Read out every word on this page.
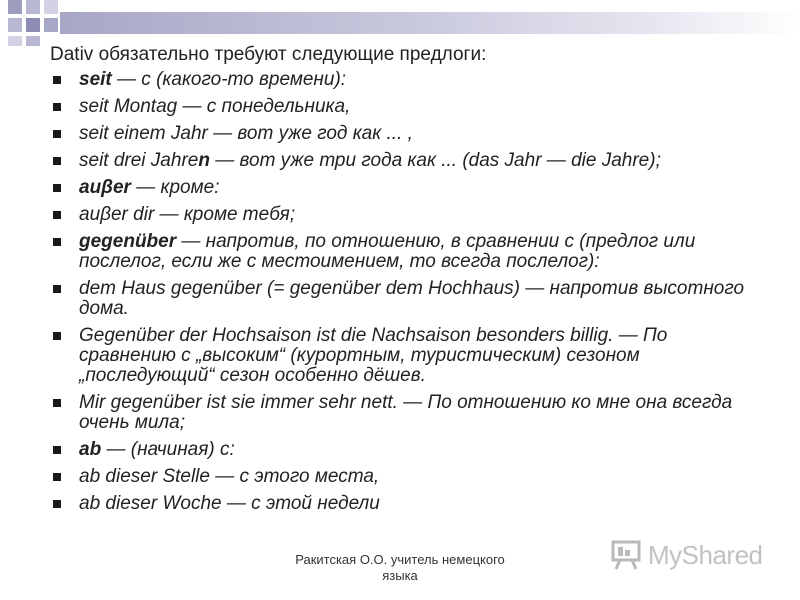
Dativ обязательно требуют следующие предлоги:
seit — с (какого-то времени):
seit Montag — с понедельника,
seit einem Jahr — вот уже год как ... ,
seit drei Jahren — вот уже три года как ... (das Jahr — die Jahre);
auβer — кроме:
auβer dir — кроме тебя;
gegenüber — напротив, по отношению, в сравнении с (предлог или послелог, если же с местоимением, то всегда послелог):
dem Haus gegenüber (= gegenüber dem Hochhaus) — напротив высотного дома.
Gegenüber der Hochsaison ist die Nachsaison besonders billig. — По сравнению с „высоким“ (курортным, туристическим) сезоном „последующий“ сезон особенно дёшев.
Mir gegenüber ist sie immer sehr nett. — По отношению ко мне она всегда очень мила;
ab — (начиная) с:
ab dieser Stelle — с этого места,
ab dieser Woche — с этой недели
Ракитская О.О. учитель немецкого
языка
MyShared
